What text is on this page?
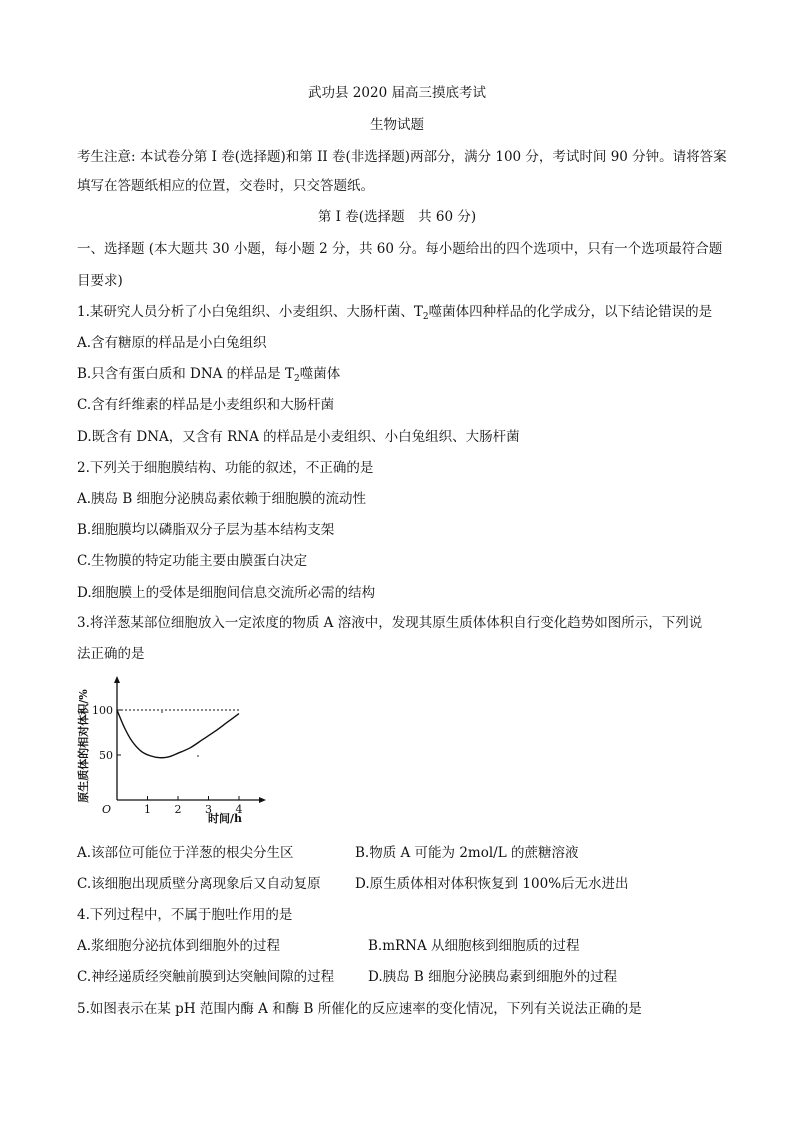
武功县 2020 届高三摸底考试
生物试题
考生注意: 本试卷分第 I 卷(选择题)和第 II 卷(非选择题)两部分，满分 100 分，考试时间 90 分钟。请将答案
填写在答题纸相应的位置，交卷时，只交答题纸。
第 I 卷(选择题　共 60 分)
一、选择题 (本大题共 30 小题，每小题 2 分，共 60 分。每小题给出的四个选项中，只有一个选项最符合题
目要求)
1.某研究人员分析了小白兔组织、小麦组织、大肠杆菌、$T_2$噬菌体四种样品的化学成分，以下结论错误的是
A.含有糖原的样品是小白兔组织
B.只含有蛋白质和 DNA 的样品是 $T_2$噬菌体
C.含有纤维素的样品是小麦组织和大肠杆菌
D.既含有 DNA，又含有 RNA 的样品是小麦组织、小白兔组织、大肠杆菌
2.下列关于细胞膜结构、功能的叙述，不正确的是
A.胰岛 B 细胞分泌胰岛素依赖于细胞膜的流动性
B.细胞膜均以磷脂双分子层为基本结构支架
C.生物膜的特定功能主要由膜蛋白决定
D.细胞膜上的受体是细胞间信息交流所必需的结构
3.将洋葱某部位细胞放入一定浓度的物质 A 溶液中，发现其原生质体体积自行变化趋势如图所示，下列说
法正确的是
50
100
1 2 3 4
O
时间/h
原生质体的相对体积/%
A.该部位可能位于洋葱的根尖分生区	B.物质 A 可能为 2mol/L 的蔗糖溶液
C.该细胞出现质壁分离现象后又自动复原	D.原生质体相对体积恢复到 100%后无水进出
4.下列过程中，不属于胞吐作用的是
A.浆细胞分泌抗体到细胞外的过程	B.mRNA 从细胞核到细胞质的过程
C.神经递质经突触前膜到达突触间隙的过程	D.胰岛 B 细胞分泌胰岛素到细胞外的过程
5.如图表示在某 pH 范围内酶 A 和酶 B 所催化的反应速率的变化情况，下列有关说法正确的是
